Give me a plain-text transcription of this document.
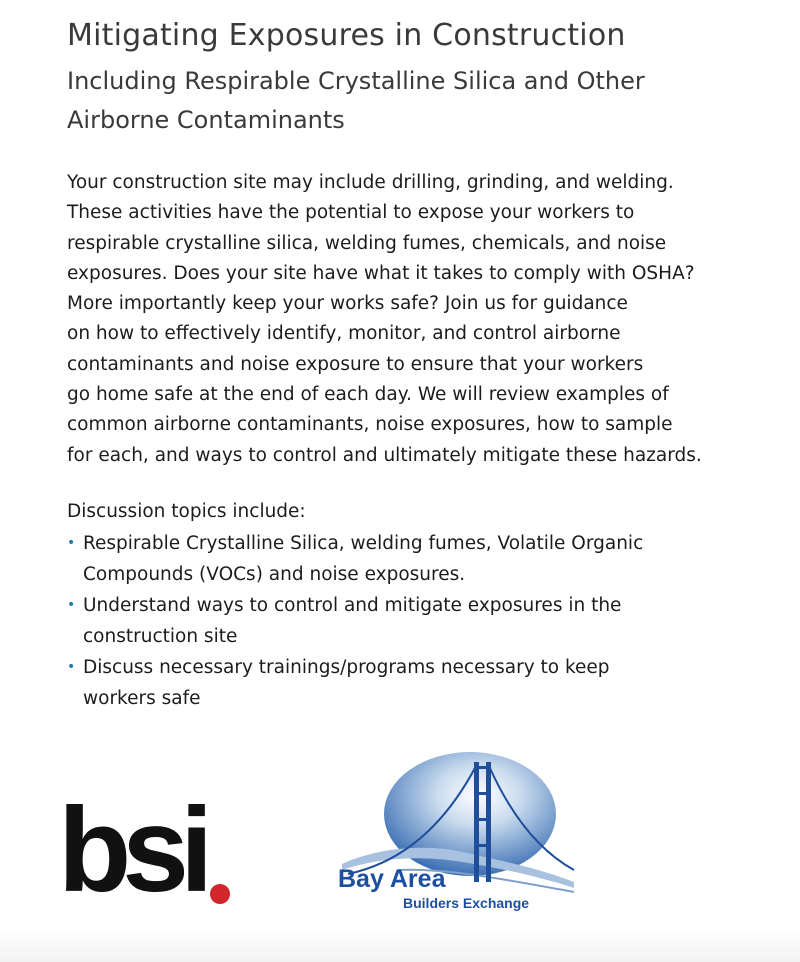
Mitigating Exposures in Construction
Including Respirable Crystalline Silica and Other
Airborne Contaminants

Your construction site may include drilling, grinding, and welding.
These activities have the potential to expose your workers to
respirable crystalline silica, welding fumes, chemicals, and noise
exposures. Does your site have what it takes to comply with OSHA?
More importantly keep your works safe? Join us for guidance
on how to effectively identify, monitor, and control airborne
contaminants and noise exposure to ensure that your workers
go home safe at the end of each day. We will review examples of
common airborne contaminants, noise exposures, how to sample
for each, and ways to control and ultimately mitigate these hazards.

Discussion topics include:

• Respirable Crystalline Silica, welding fumes, Volatile Organic
Compounds (VOCs) and noise exposures.
• Understand ways to control and mitigate exposures in the
construction site
• Discuss necessary trainings/programs necessary to keep
workers safe
bsi	Bay Area
Builders Exchange
